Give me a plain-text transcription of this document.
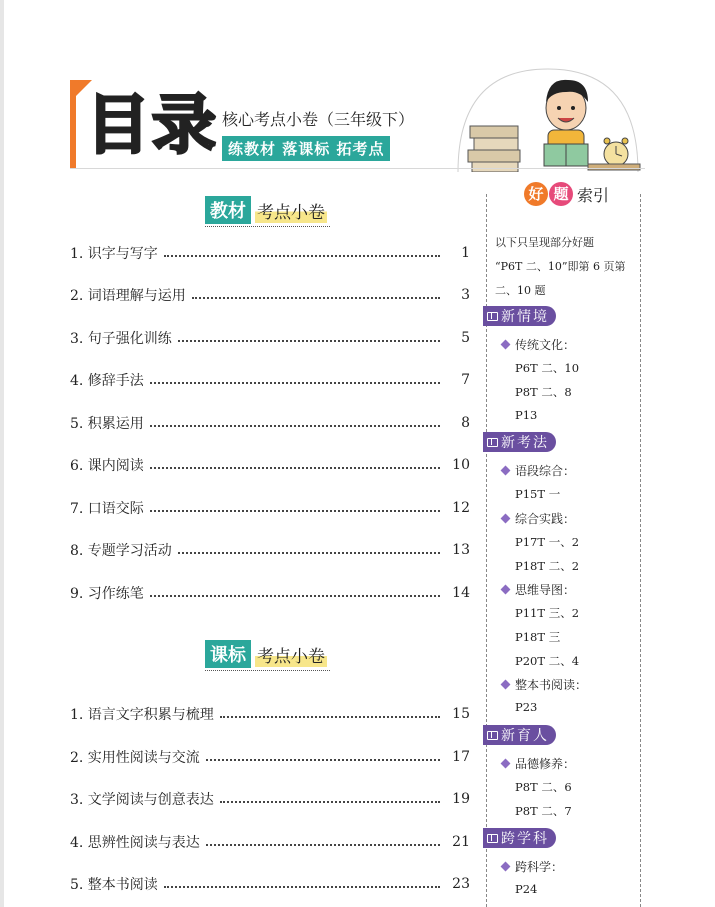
目录 核心考点小卷（三年级下）
练教材 落课标 拓考点
教材 考点小卷
1. 识字与写字	1
2. 词语理解与运用	3
3. 句子强化训练	5
4. 修辞手法	7
5. 积累运用	8
6. 课内阅读	10
7. 口语交际	12
8. 专题学习活动	13
9. 习作练笔	14
课标 考点小卷
1. 语言文字积累与梳理	15
2. 实用性阅读与交流	17
3. 文学阅读与创意表达	19
4. 思辨性阅读与表达	21
5. 整本书阅读	23
好 题 索引
以下只呈现部分好题
“P6T 二、10”即第 6 页第
二、10 题
新情境
传统文化：
P6T 二、10
P8T 二、8
P13
新考法
语段综合：
P15T 一
综合实践：
P17T 一、2
P18T 二、2
思维导图：
P11T 三、2
P18T 三
P20T 二、4
整本书阅读：
P23
新育人
品德修养：
P8T 二、6
P8T 二、7
跨学科
跨科学：
P24
